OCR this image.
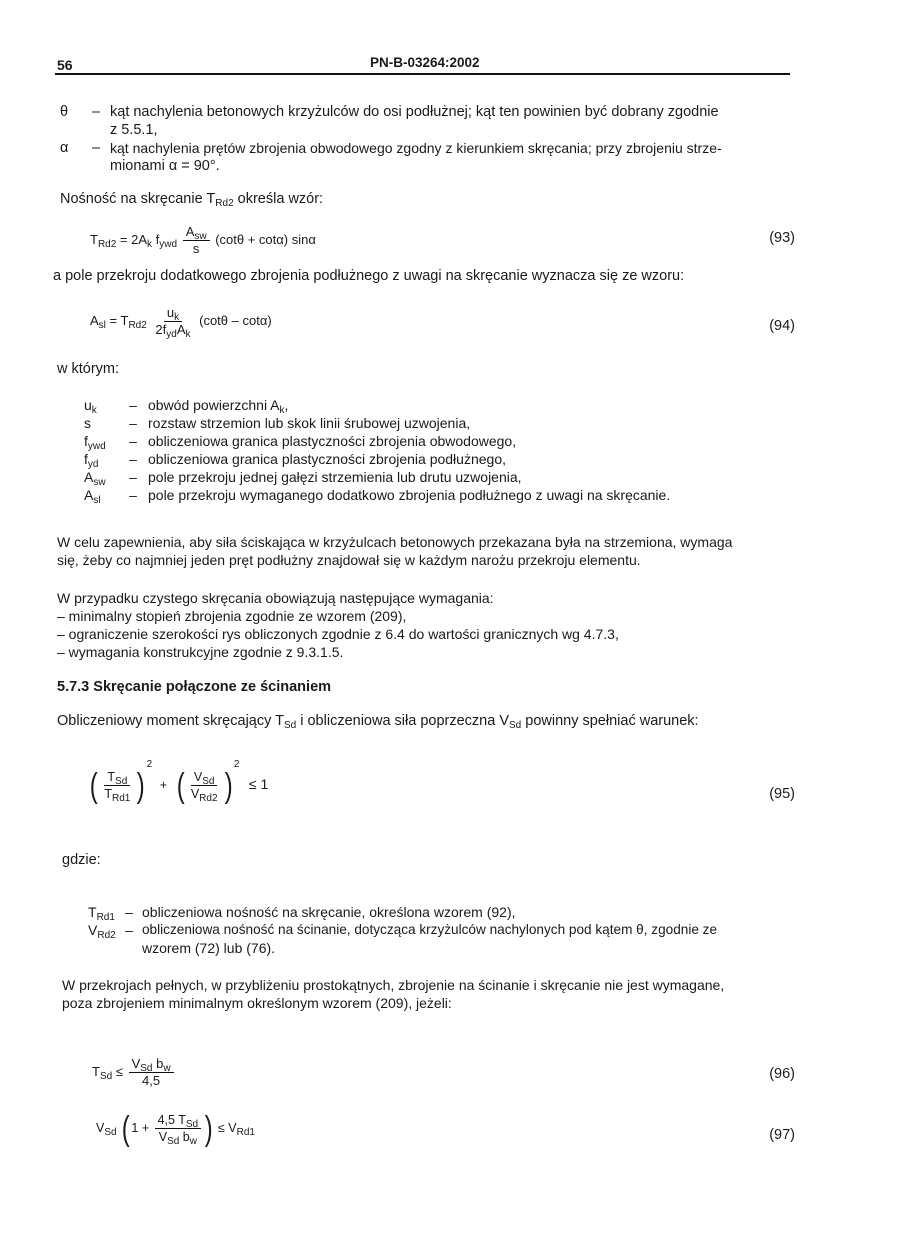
56	PN-B-03264:2002
θ	– kąt nachylenia betonowych krzyżulców do osi podłużnej; kąt ten powinien być dobrany zgodnie
z 5.5.1,
α	– kąt nachylenia prętów zbrojenia obwodowego zgodny z kierunkiem skręcania; przy zbrojeniu strze-
mionami α = 90°.
Nośność na skręcanie $T_{Rd2}$ określa wzór:
$T_{Rd2} = 2A_k$ $f_{ywd} \frac{A_{sw}}{s} (\cot\theta + \cot\alpha)$ sinα	(93)
a pole przekroju dodatkowego zbrojenia podłużnego z uwagi na skręcanie wyznacza się ze wzoru:
$A_{sl} = T_{Rd2} \frac{u_k}{2f_{yd}A_k} (\cot\theta - \cot\alpha)$	(94)
w którym:
$u_k$	– obwód powierzchni $A_k$,
s	– rozstaw strzemion lub skok linii śrubowej uzwojenia,
$f_{ywd}$	– obliczeniowa granica plastyczności zbrojenia obwodowego,
$f_{yd}$	– obliczeniowa granica plastyczności zbrojenia podłużnego,
$A_{sw}$	– pole przekroju jednej gałęzi strzemienia lub drutu uzwojenia,
$A_{sl}$	– pole przekroju wymaganego dodatkowo zbrojenia podłużnego z uwagi na skręcanie.
W celu zapewnienia, aby siła ściskająca w krzyżulcach betonowych przekazana była na strzemiona, wymaga
się, żeby co najmniej jeden pręt podłużny znajdował się w każdym narożu przekroju elementu.
W przypadku czystego skręcania obowiązują następujące wymagania:
– minimalny stopień zbrojenia zgodnie ze wzorem (209),
– ograniczenie szerokości rys obliczonych zgodnie z 6.4 do wartości granicznych wg 4.7.3,
– wymagania konstrukcyjne zgodnie z 9.3.1.5.
5.7.3 Skręcanie połączone ze ścinaniem
Obliczeniowy moment skręcający $T_{Sd}$ i obliczeniowa siła poprzeczna $V_{Sd}$ powinny spełniać warunek:
( $\frac{T_{Sd}}{T_{Rd1}} )^2$ + ( $\frac{V_{Sd}}{V_{Rd2}} )^2 \le 1$
(95)
gdzie:
$T_{Rd1}$ – obliczeniowa nośność na skręcanie, określona wzorem (92),
$V_{Rd2}$ – obliczeniowa nośność na ścinanie, dotycząca krzyżulców nachylonych pod kątem θ, zgodnie ze
wzorem (72) lub (76).
W przekrojach pełnych, w przybliżeniu prostokątnych, zbrojenie na ścinanie i skręcanie nie jest wymagane,
poza zbrojeniem minimalnym określonym wzorem (209), jeżeli:
$T_{Sd} \le \frac{V_{Sd} b_w}{4,5}$	(96)
$V_{Sd}$ ( $1 + \frac{4,5 T_{Sd}}{V_{Sd} b_w}$ ) ≤ $V_{Rd1}$	(97)
